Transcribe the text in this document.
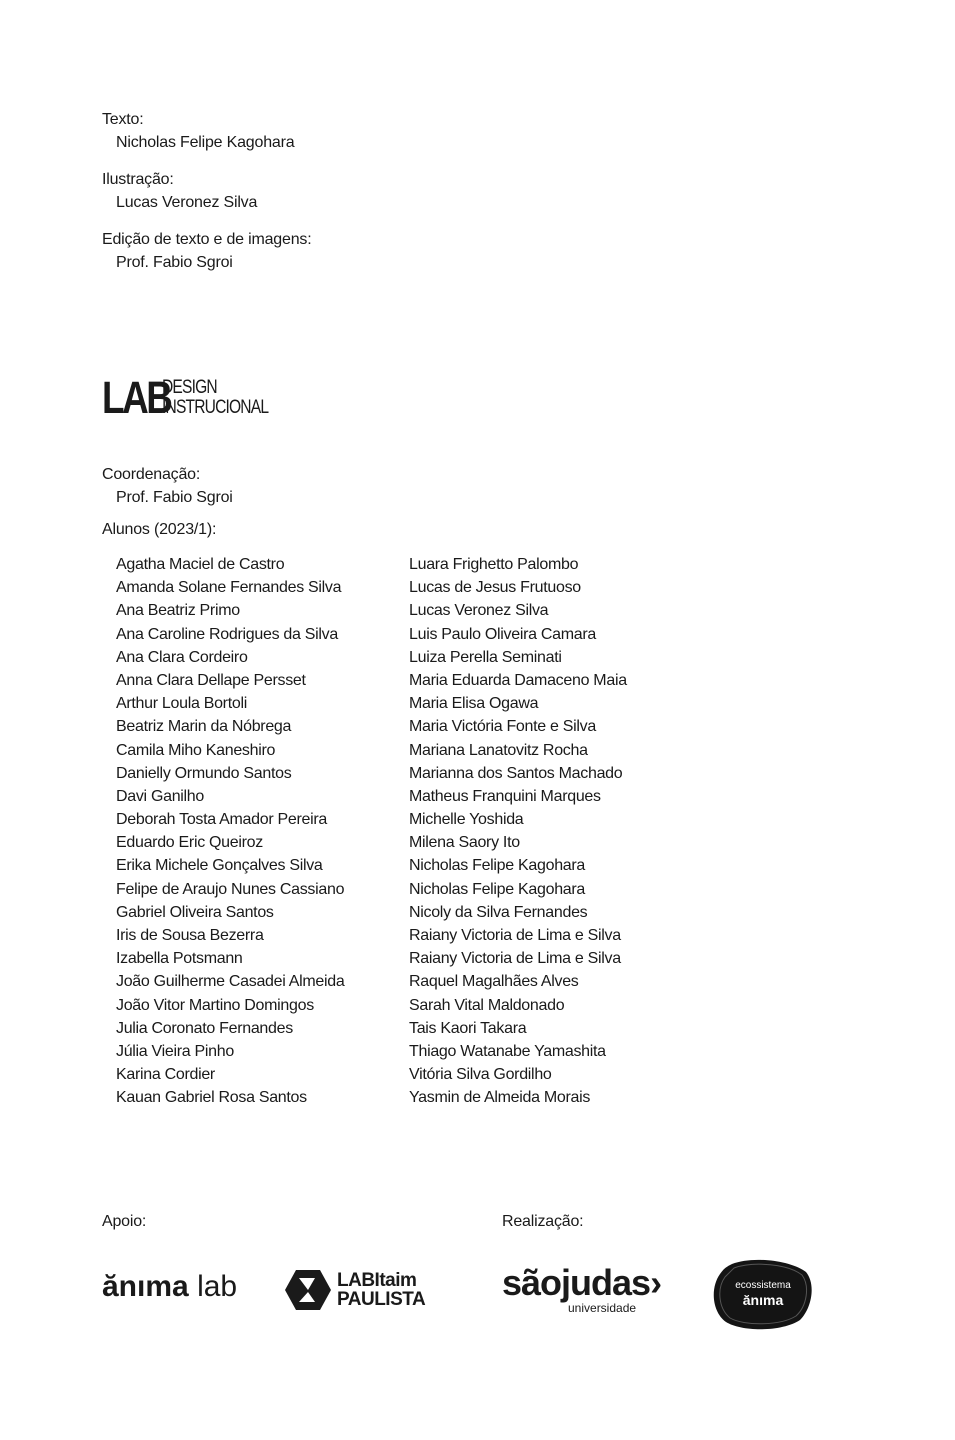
Texto:
Nicholas Felipe Kagohara
Ilustração:
Lucas Veronez Silva
Edição de texto e de imagens:
Prof. Fabio Sgroi
LAB
DESIGN
INSTRUCIONAL
Coordenação:
Prof. Fabio Sgroi
Alunos (2023/1):
Agatha Maciel de Castro
Amanda Solane Fernandes Silva
Ana Beatriz Primo
Ana Caroline Rodrigues da Silva
Ana Clara Cordeiro
Anna Clara Dellape Persset
Arthur Loula Bortoli
Beatriz Marin da Nóbrega
Camila Miho Kaneshiro
Danielly Ormundo Santos
Davi Ganilho
Deborah Tosta Amador Pereira
Eduardo Eric Queiroz
Erika Michele Gonçalves Silva
Felipe de Araujo Nunes Cassiano
Gabriel Oliveira Santos
Iris de Sousa Bezerra
Izabella Potsmann
João Guilherme Casadei Almeida
João Vitor Martino Domingos
Julia Coronato Fernandes
Júlia Vieira Pinho
Karina Cordier
Kauan Gabriel Rosa Santos
Luara Frighetto Palombo
Lucas de Jesus Frutuoso
Lucas Veronez Silva
Luis Paulo Oliveira Camara
Luiza Perella Seminati
Maria Eduarda Damaceno Maia
Maria Elisa Ogawa
Maria Victória Fonte e Silva
Mariana Lanatovitz Rocha
Marianna dos Santos Machado
Matheus Franquini Marques
Michelle Yoshida
Milena Saory Ito
Nicholas Felipe Kagohara
Nicholas Felipe Kagohara
Nicoly da Silva Fernandes
Raiany Victoria de Lima e Silva
Raiany Victoria de Lima e Silva
Raquel Magalhães Alves
Sarah Vital Maldonado
Tais Kaori Takara
Thiago Watanabe Yamashita
Vitória Silva Gordilho
Yasmin de Almeida Morais
Apoio:	Realização:
ănıma lab	LABItaim
PAULISTA sãojudas›
universidade
ecossistema
ănıma
